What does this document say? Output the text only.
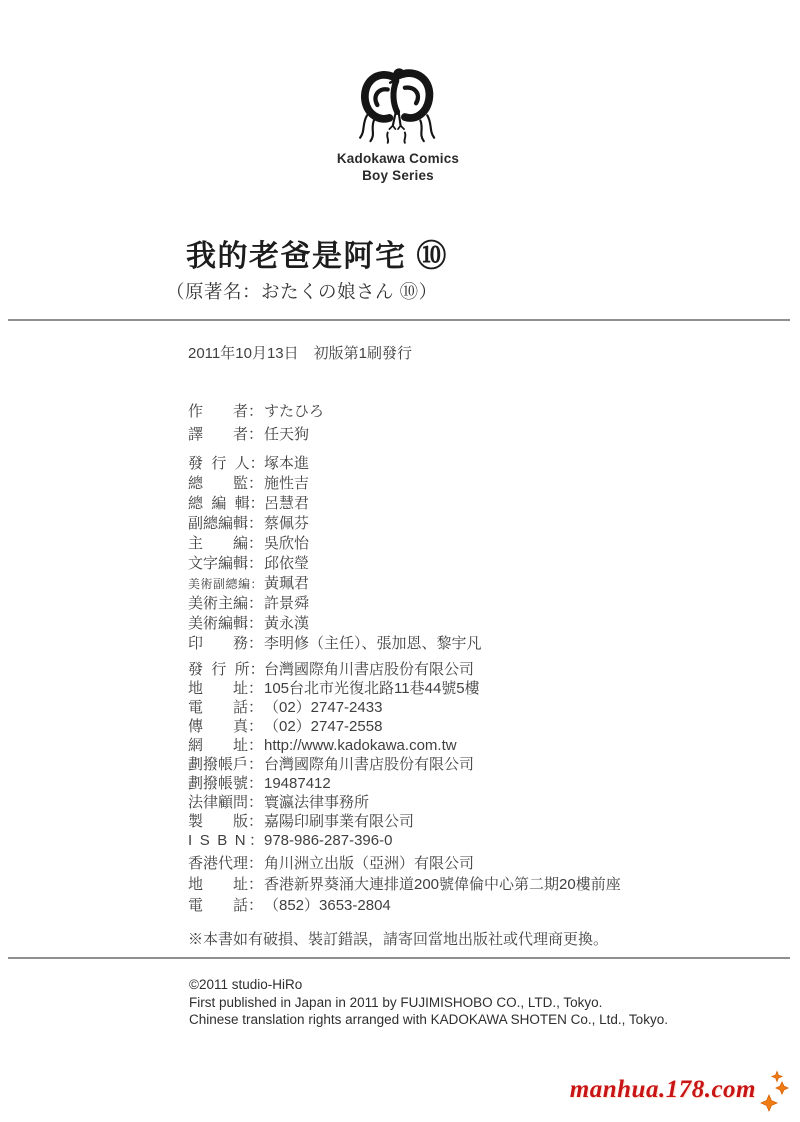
Kadokawa Comics
Boy Series
我的老爸是阿宅 ⑩
（原著名：おたくの娘さん ⑩）

2011年10月13日　初版第1刷發行

作　　者：すたひろ
譯　　者：任天狗
發  行  人：塚本進
總　　監：施性吉
總  編  輯：呂慧君
副總編輯：蔡佩芬
主　　編：吳欣怡
文字編輯：邱依瑩
美術副總編：黃珮君
美術主編：許景舜
美術編輯：黃永漢
印　　務：李明修（主任）、張加恩、黎宇凡
發  行  所：台灣國際角川書店股份有限公司
地　　址：105台北市光復北路11巷44號5樓
電　　話：（02）2747-2433
傳　　真：（02）2747-2558
網　　址：http://www.kadokawa.com.tw
劃撥帳戶：台灣國際角川書店股份有限公司
劃撥帳號：19487412
法律顧問：寰瀛法律事務所
製　　版：嘉陽印刷事業有限公司
I S B N：978-986-287-396-0
香港代理：角川洲立出版（亞洲）有限公司
地　　址：香港新界葵涌大連排道200號偉倫中心第二期20樓前座
電　　話：（852）3653-2804
※本書如有破損、裝訂錯誤，請寄回當地出版社或代理商更換。
©2011 studio-HiRo
First published in Japan in 2011 by FUJIMISHOBO CO., LTD., Tokyo.
Chinese translation rights arranged with KADOKAWA SHOTEN Co., Ltd., Tokyo.
manhua.178.com
